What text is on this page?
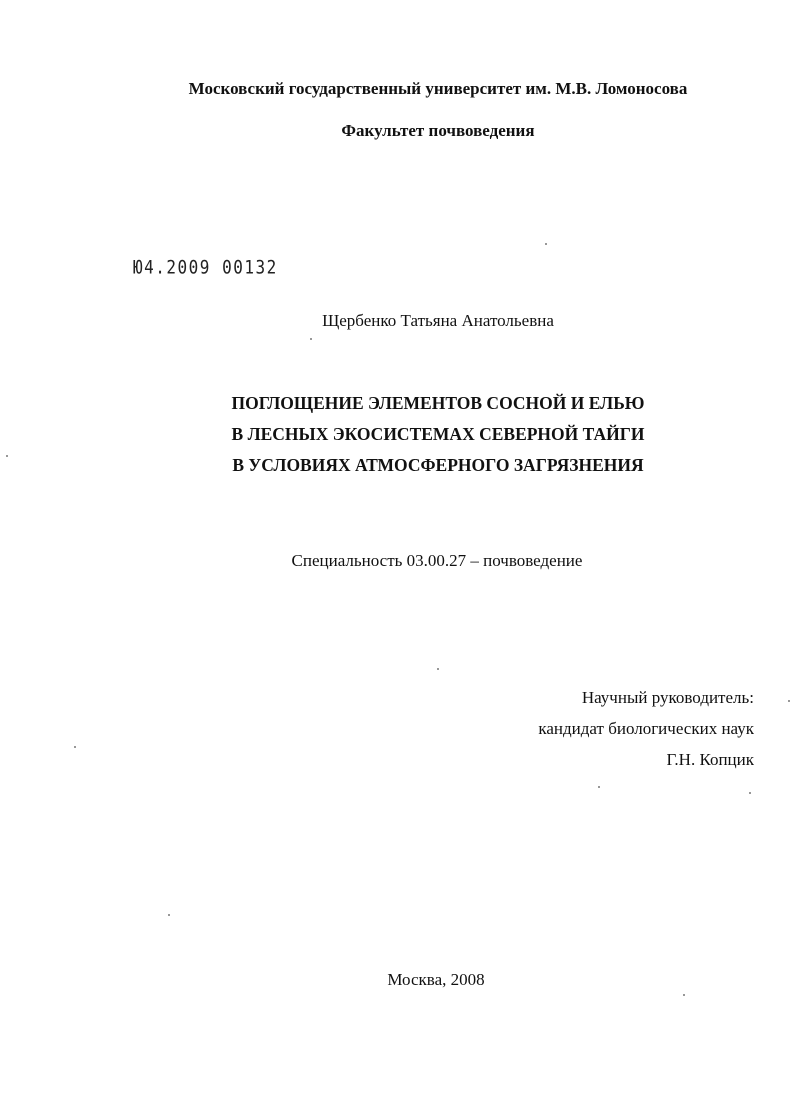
Московский государственный университет им. М.В. Ломоносова
Факультет почвоведения
Ю4.2009 00132
Щербенко Татьяна Анатольевна
ПОГЛОЩЕНИЕ ЭЛЕМЕНТОВ СОСНОЙ И ЕЛЬЮ
В ЛЕСНЫХ ЭКОСИСТЕМАХ СЕВЕРНОЙ ТАЙГИ
В УСЛОВИЯХ АТМОСФЕРНОГО ЗАГРЯЗНЕНИЯ
Специальность 03.00.27 – почвоведение
Научный руководитель:
кандидат биологических наук
Г.Н. Копцик
Москва, 2008
